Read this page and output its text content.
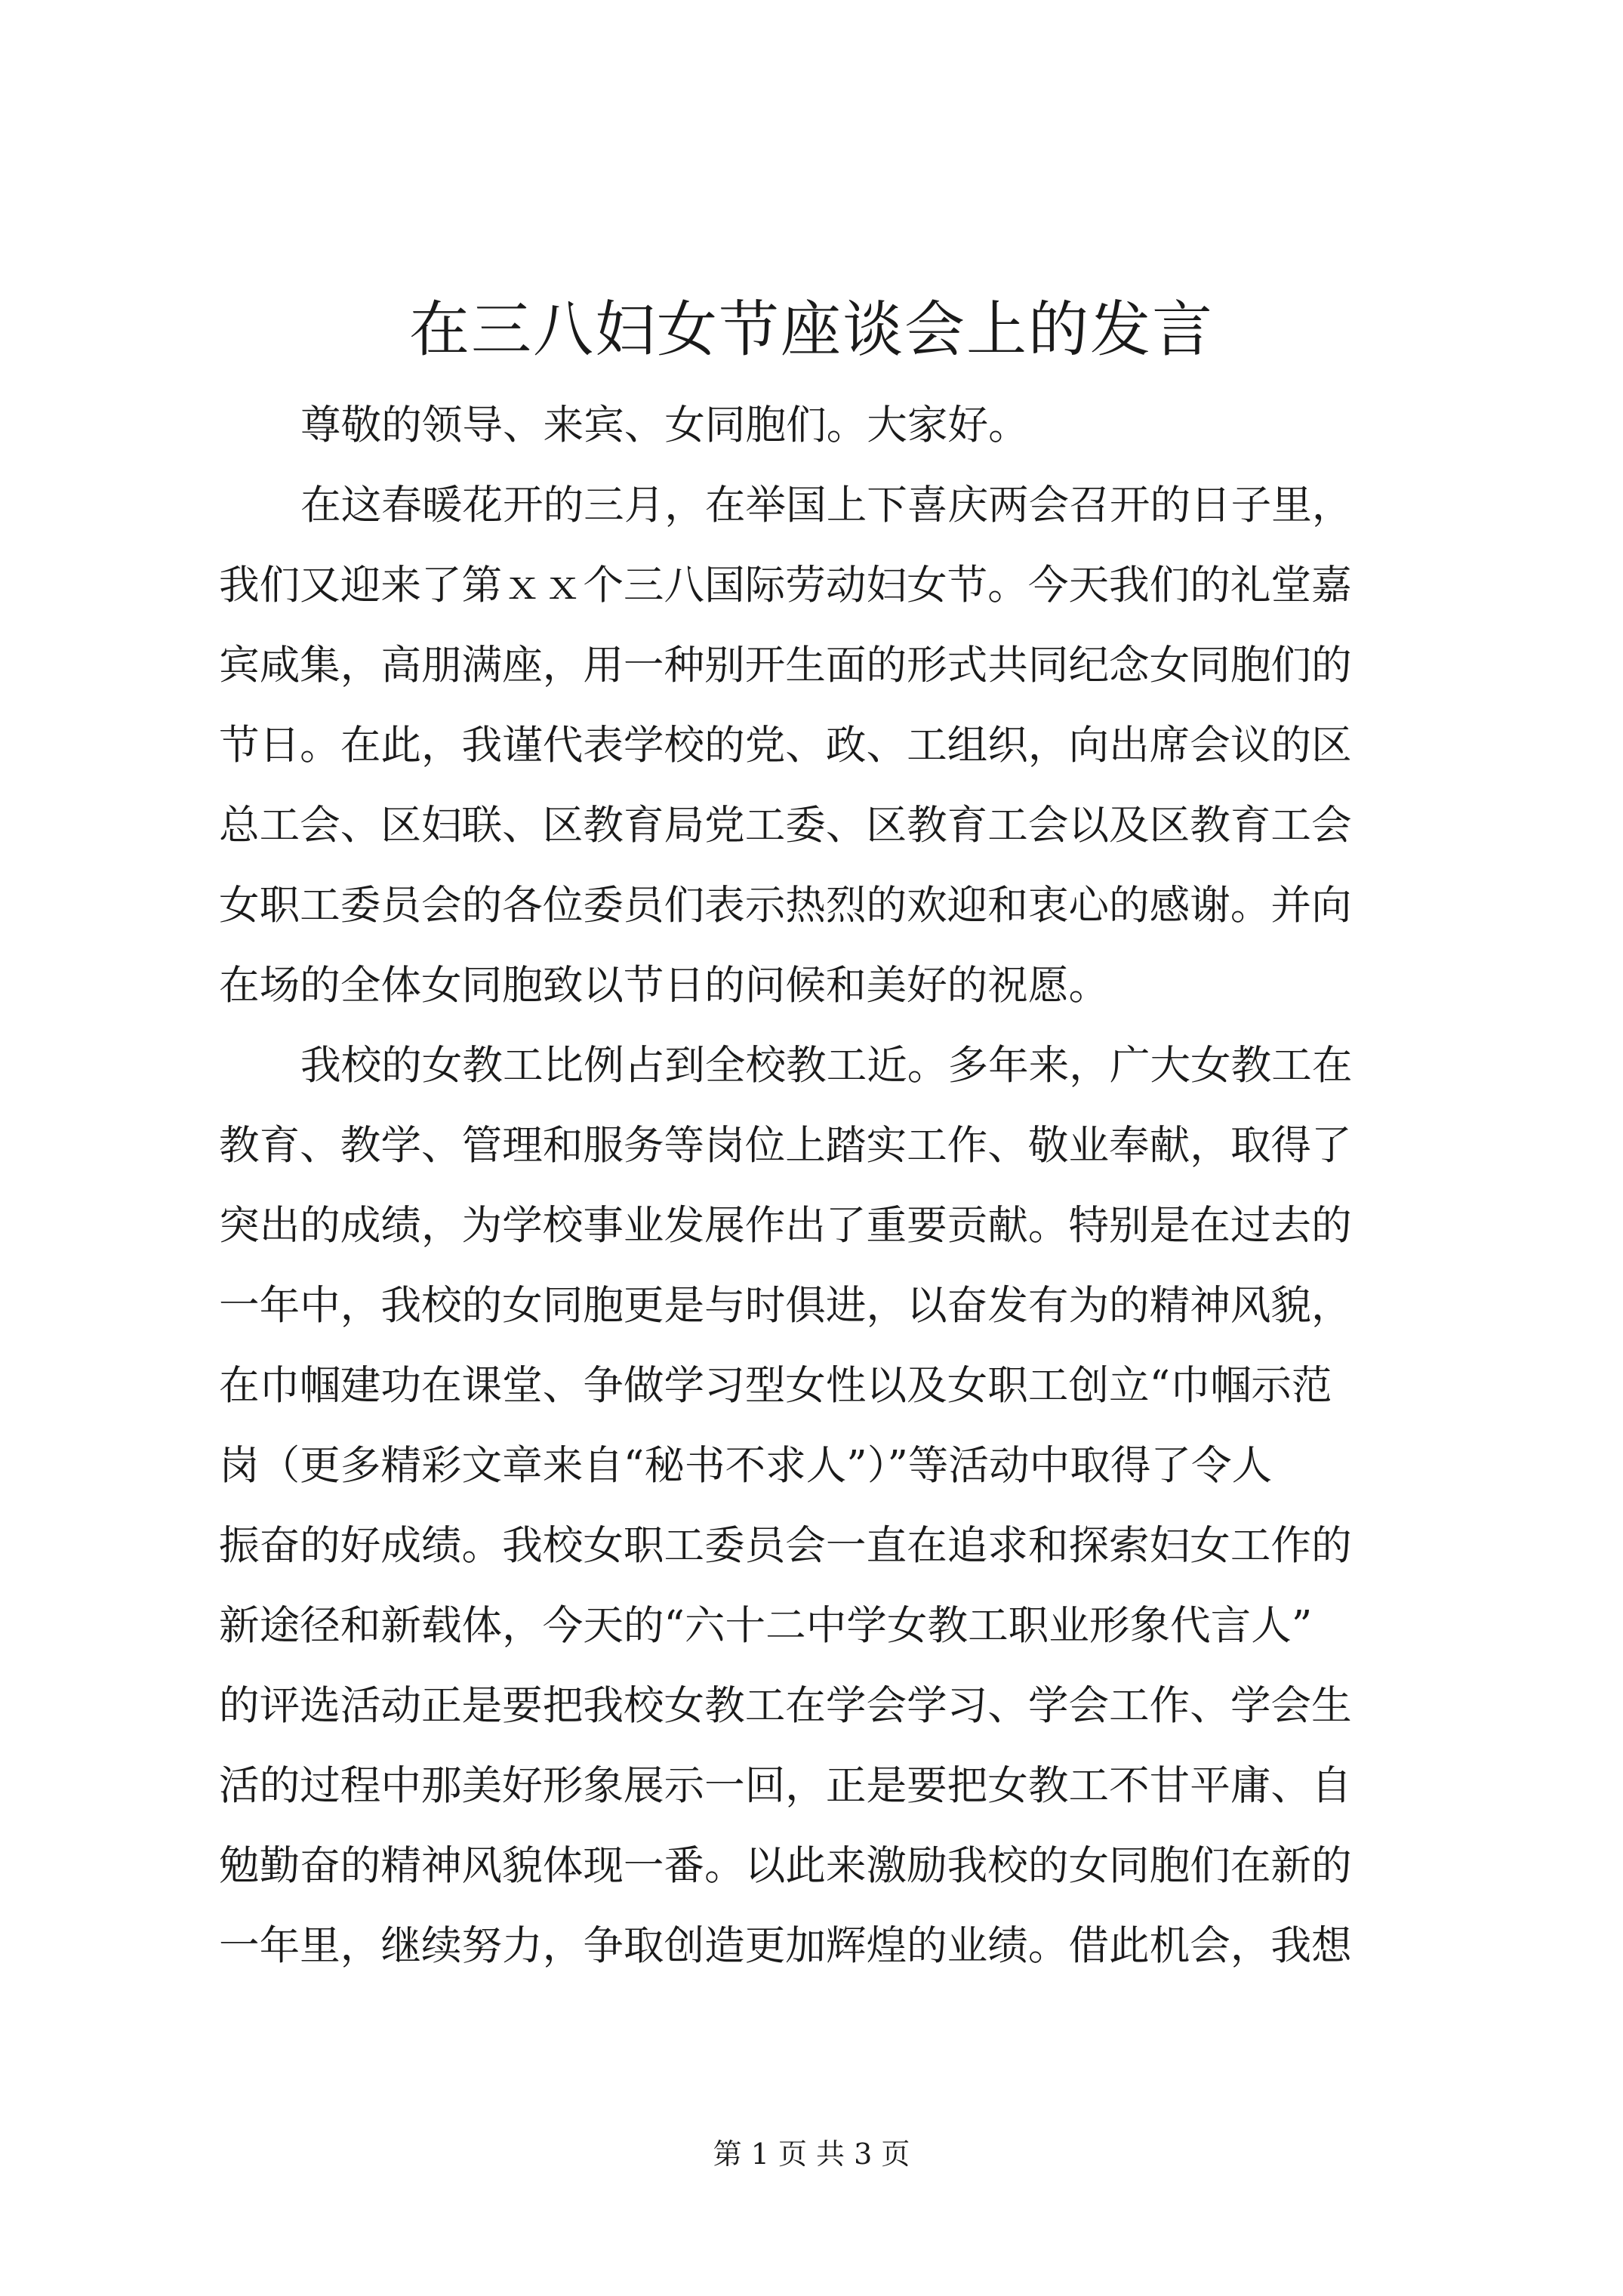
在三八妇女节座谈会上的发言
尊敬的领导、来宾、女同胞们。大家好。
在这春暖花开的三月，在举国上下喜庆两会召开的日子里，
我们又迎来了第ｘｘ个三八国际劳动妇女节。今天我们的礼堂嘉
宾咸集，高朋满座，用一种别开生面的形式共同纪念女同胞们的
节日。在此，我谨代表学校的党、政、工组织，向出席会议的区
总工会、区妇联、区教育局党工委、区教育工会以及区教育工会
女职工委员会的各位委员们表示热烈的欢迎和衷心的感谢。并向
在场的全体女同胞致以节日的问候和美好的祝愿。
我校的女教工比例占到全校教工近。多年来，广大女教工在
教育、教学、管理和服务等岗位上踏实工作、敬业奉献，取得了
突出的成绩，为学校事业发展作出了重要贡献。特别是在过去的
一年中，我校的女同胞更是与时俱进，以奋发有为的精神风貌，
在巾帼建功在课堂、争做学习型女性以及女职工创立“巾帼示范
岗（更多精彩文章来自“秘书不求人”）”等活动中取得了令人
振奋的好成绩。我校女职工委员会一直在追求和探索妇女工作的
新途径和新载体，今天的“六十二中学女教工职业形象代言人”
的评选活动正是要把我校女教工在学会学习、学会工作、学会生
活的过程中那美好形象展示一回，正是要把女教工不甘平庸、自
勉勤奋的精神风貌体现一番。以此来激励我校的女同胞们在新的
一年里，继续努力，争取创造更加辉煌的业绩。借此机会，我想
第 1 页 共 3 页
